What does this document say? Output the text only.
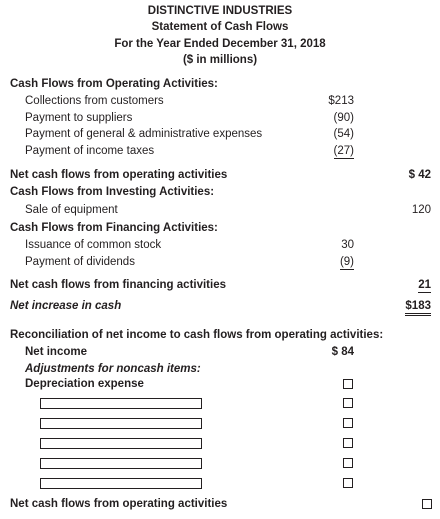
DISTINCTIVE INDUSTRIES
Statement of Cash Flows
For the Year Ended December 31, 2018
($ in millions)
Cash Flows from Operating Activities:
Collections from customers	$213
Payment to suppliers	(90)
Payment of general & administrative expenses	(54)
Payment of income taxes	(27)
Net cash flows from operating activities	$ 42
Cash Flows from Investing Activities:
Sale of equipment	120
Cash Flows from Financing Activities:
Issuance of common stock	30
Payment of dividends	(9)
Net cash flows from financing activities	21
Net increase in cash	$183
Reconciliation of net income to cash flows from operating activities:
Net income	$ 84
Adjustments for noncash items:
Depreciation expense
Net cash flows from operating activities
